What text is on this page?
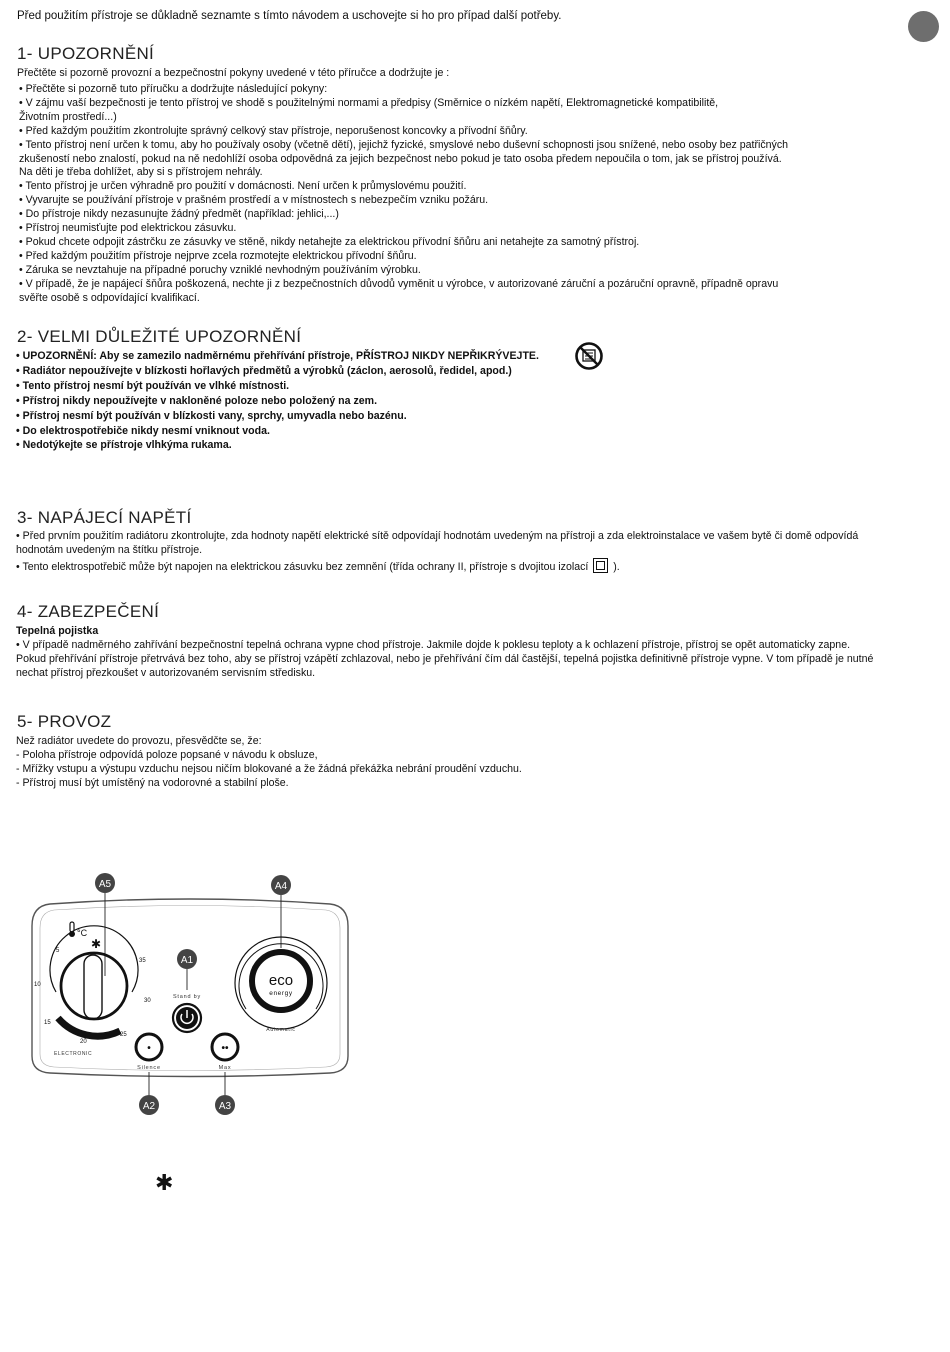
Před použitím přístroje se důkladně seznamte s tímto návodem a uschovejte si ho pro případ další potřeby.
1- UPOZORNĚNÍ
Přečtěte si pozorně provozní a bezpečnostní pokyny uvedené v této příručce a dodržujte je :
• Přečtěte si pozorně tuto příručku a dodržujte následující pokyny:
• V zájmu vaší bezpečnosti je tento přístroj ve shodě s použitelnými normami a předpisy (Směrnice o nízkém napětí, Elektromagnetické kompatibilitě,
Životním prostředí...)
• Před každým použitím zkontrolujte správný celkový stav přístroje, neporušenost koncovky a přívodní šňůry.
• Tento přístroj není určen k tomu, aby ho používaly osoby (včetně dětí), jejichž fyzické, smyslové nebo duševní schopnosti jsou snížené, nebo osoby bez patřičných
zkušeností nebo znalostí, pokud na ně nedohlíží osoba odpovědná za jejich bezpečnost nebo pokud je tato osoba předem nepoučila o tom, jak se přístroj používá.
Na děti je třeba dohlížet, aby si s přístrojem nehrály.
• Tento přístroj je určen výhradně pro použití v domácnosti. Není určen k průmyslovému použití.
• Vyvarujte se používání přístroje v prašném prostředí a v místnostech s nebezpečím vzniku požáru.
• Do přístroje nikdy nezasunujte žádný předmět (například: jehlici,...)
• Přístroj neumisťujte pod elektrickou zásuvku.
• Pokud chcete odpojit zástrčku ze zásuvky ve stěně, nikdy netahejte za elektrickou přívodní šňůru ani netahejte za samotný přístroj.
• Před každým použitím přístroje nejprve zcela rozmotejte elektrickou přívodní šňůru.
• Záruka se nevztahuje na případné poruchy vzniklé nevhodným používáním výrobku.
• V případě, že je napájecí šňůra poškozená, nechte ji z bezpečnostních důvodů vyměnit u výrobce, v autorizované záruční a pozáruční opravně, případně opravu
svěřte osobě s odpovídající kvalifikací.
2- VELMI DŮLEŽITÉ UPOZORNĚNÍ
• UPOZORNĚNÍ: Aby se zamezilo nadměrnému přehřívání přístroje, PŘÍSTROJ NIKDY NEPŘIKRÝVEJTE.
• Radiátor nepoužívejte v blízkosti hořlavých předmětů a výrobků (záclon, aerosolů, ředidel, apod.)
• Tento přístroj nesmí být používán ve vlhké místnosti.
• Přístroj nikdy nepoužívejte v nakloněné poloze nebo položený na zem.
• Přístroj nesmí být používán v blízkosti vany, sprchy, umyvadla nebo bazénu.
• Do elektrospotřebiče nikdy nesmí vniknout voda.
• Nedotýkejte se přístroje vlhkýma rukama.
3- NAPÁJECÍ NAPĚTÍ
• Před prvním použitím radiátoru zkontrolujte, zda hodnoty napětí elektrické sítě odpovídají hodnotám uvedeným na přístroji a zda elektroinstalace ve vašem bytě či domě odpovídá
hodnotám uvedeným na štítku přístroje.
• Tento elektrospotřebič může být napojen na elektrickou zásuvku bez zemnění (třída ochrany II, přístroje s dvojitou izolací ).
4- ZABEZPEČENÍ
Tepelná pojistka
• V případě nadměrného zahřívání bezpečnostní tepelná ochrana vypne chod přístroje. Jakmile dojde k poklesu teploty a k ochlazení přístroje, přístroj se opět automaticky zapne.
Pokud přehřívání přístroje přetrvává bez toho, aby se přístroj vzápětí zchlazoval, nebo je přehřívání čím dál častější, tepelná pojistka definitivně přístroje vypne. V tom případě je nutné
nechat přístroj přezkoušet v autorizovaném servisním středisku.
5- PROVOZ
Než radiátor uvedete do provozu, přesvědčte se, že:
- Poloha přístroje odpovídá poloze popsané v návodu k obsluze,
- Mřížky vstupu a výstupu vzduchu nejsou ničím blokované a že žádná překážka nebrání proudění vzduchu.
- Přístroj musí být umístěný na vodorovné a stabilní ploše.
A5	A4
°C
✱
5
10
15
20
25
30
35
ELECTRONIC
A1
Stand by
•
Silence
A2
••
Max
A3
eco
energy
Automatic
✱
